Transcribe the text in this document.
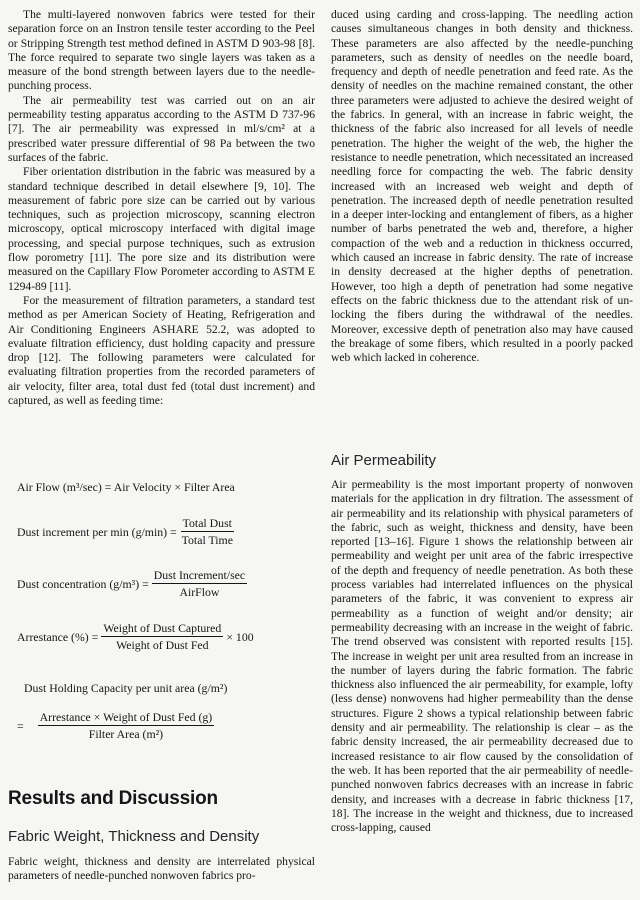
The multi-layered nonwoven fabrics were tested for their separation force on an Instron tensile tester according to the Peel or Stripping Strength test method defined in ASTM D 903-98 [8]. The force required to separate two single layers was taken as a measure of the bond strength between layers due to the needle-punching process.

The air permeability test was carried out on an air permeability testing apparatus according to the ASTM D 737-96 [7]. The air permeability was expressed in ml/s/cm² at a prescribed water pressure differential of 98 Pa between the two surfaces of the fabric.

Fiber orientation distribution in the fabric was measured by a standard technique described in detail elsewhere [9, 10]. The measurement of fabric pore size can be carried out by various techniques, such as projection microscopy, scanning electron microscopy, optical microscopy interfaced with digital image processing, and special purpose techniques, such as extrusion flow porometry [11]. The pore size and its distribution were measured on the Capillary Flow Porometer according to ASTM E 1294-89 [11].

For the measurement of filtration parameters, a standard test method as per American Society of Heating, Refrigeration and Air Conditioning Engineers ASHARE 52.2, was adopted to evaluate filtration efficiency, dust holding capacity and pressure drop [12]. The following parameters were calculated for evaluating filtration properties from the recorded parameters of air velocity, filter area, total dust fed (total dust increment) and captured, as well as feeding time:

Air Flow (m³/sec) = Air Velocity × Filter Area
Dust increment per $\min (g/\min) = \frac{\text{Total Dust}}{\text{Total Time}}$
Dust concentration $(g/m^3) = \frac{\text{Dust Increment/sec}}{\text{AirFlow}}$
Arrestance (%) = $\frac{\text{Weight of Dust Captured}}{\text{Weight of Dust Fed}} \times 100$
Dust Holding Capacity per unit area (g/m²)
= $\frac{\text{Arrestance × Weight of Dust Fed (g)}}{\text{Filter Area (m²)}}$
Results and Discussion
Fabric Weight, Thickness and Density

Fabric weight, thickness and density are interrelated physical parameters of needle-punched nonwoven fabrics pro-

duced using carding and cross-lapping. The needling action causes simultaneous changes in both density and thickness. These parameters are also affected by the needle-punching parameters, such as density of needles on the needle board, frequency and depth of needle penetration and feed rate. As the density of needles on the machine remained constant, the other three parameters were adjusted to achieve the desired weight of the fabrics. In general, with an increase in fabric weight, the thickness of the fabric also increased for all levels of needle penetration. The higher the weight of the web, the higher the resistance to needle penetration, which necessitated an increased needling force for compacting the web. The fabric density increased with an increased web weight and depth of penetration. The increased depth of needle penetration resulted in a deeper inter-locking and entanglement of fibers, as a higher number of barbs penetrated the web and, therefore, a higher compaction of the web and a reduction in thickness occurred, which caused an increase in fabric density. The rate of increase in density decreased at the higher depths of penetration. However, too high a depth of penetration had some negative effects on the fabric thickness due to the attendant risk of un-locking the fibers during the withdrawal of the needles. Moreover, excessive depth of penetration also may have caused the breakage of some fibers, which resulted in a poorly packed web which lacked in coherence.

Air Permeability

Air permeability is the most important property of nonwoven materials for the application in dry filtration. The assessment of air permeability and its relationship with physical parameters of the fabric, such as weight, thickness and density, have been reported [13–16]. Figure 1 shows the relationship between air permeability and weight per unit area of the fabric irrespective of the depth and frequency of needle penetration. As both these process variables had interrelated influences on the physical parameters of the fabric, it was convenient to express air permeability as a function of weight and/or density; air permeability decreasing with an increase in the weight of fabric. The trend observed was consistent with reported results [15]. The increase in weight per unit area resulted from an increase in the number of layers during the fabric formation. The fabric thickness also influenced the air permeability, for example, lofty (less dense) nonwovens had higher permeability than the dense structures. Figure 2 shows a typical relationship between fabric density and air permeability. The relationship is clear – as the fabric density increased, the air permeability decreased due to increased resistance to air flow caused by the consolidation of the web. It has been reported that the air permeability of needle-punched nonwoven fabrics decreases with an increase in fabric density, and increases with a decrease in fabric thickness [17, 18]. The increase in the weight and thickness, due to increased cross-lapping, caused
